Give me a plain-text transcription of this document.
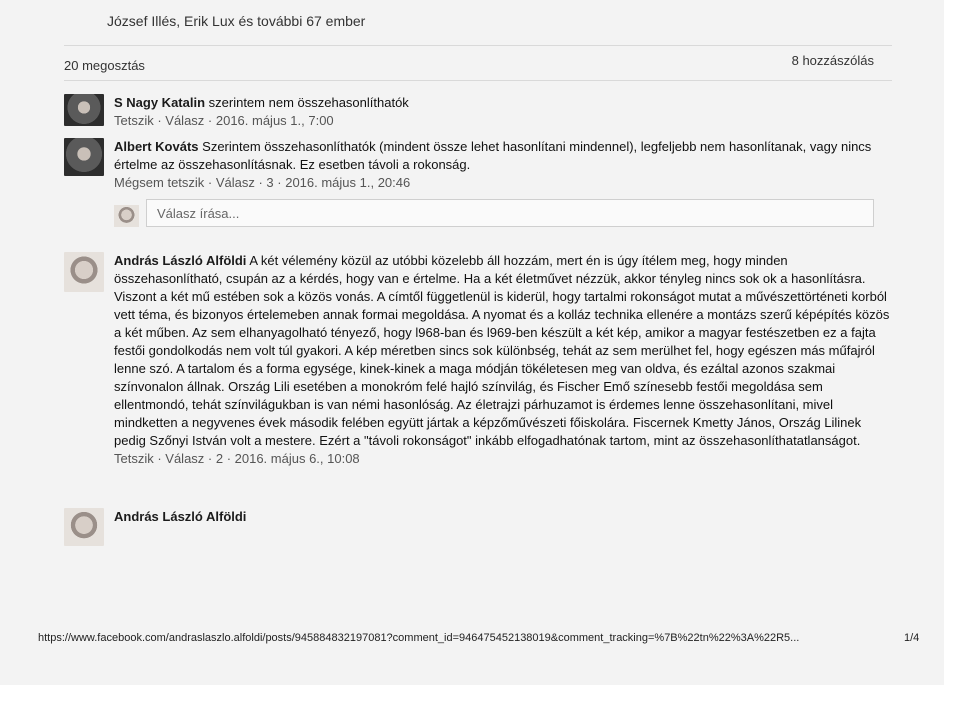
József Illés, Erik Lux és további 67 ember
20 megosztás	8 hozzászólás
S Nagy Katalin szerintem nem összehasonlíthatók
Tetszik · Válasz · 2016. május 1., 7:00
Albert Kováts Szerintem összehasonlíthatók (mindent össze lehet hasonlítani mindennel), legfeljebb nem hasonlítanak, vagy nincs értelme az összehasonlításnak. Ez esetben távoli a rokonság.
Mégsem tetszik · Válasz · 3 · 2016. május 1., 20:46
Válasz írása...
András László Alföldi A két vélemény közül az utóbbi közelebb áll hozzám, mert én is úgy ítélem meg, hogy minden összehasonlítható, csupán az a kérdés, hogy van e értelme. Ha a két életművet nézzük, akkor tényleg nincs sok ok a hasonlításra. Viszont a két mű estében sok a közös vonás. A címtől függetlenül is kiderül, hogy tartalmi rokonságot mutat a művészettörténeti korból vett téma, és bizonyos értelemeben annak formai megoldása. A nyomat és a kolláz technika ellenére a montázs szerű képépítés közös a két műben. Az sem elhanyagolható tényező, hogy l968-ban és l969-ben készült a két kép, amikor a magyar festészetben ez a fajta festői gondolkodás nem volt túl gyakori. A kép méretben sincs sok különbség, tehát az sem merülhet fel, hogy egészen más műfajról lenne szó. A tartalom és a forma egysége, kinek-kinek a maga módján tökéletesen meg van oldva, és ezáltal azonos szakmai színvonalon állnak. Ország Lili esetében a monokróm felé hajló színvilág, és Fischer Emő színesebb festői megoldása sem ellentmondó, tehát színvilágukban is van némi hasonlóság. Az életrajzi párhuzamot is érdemes lenne összehasonlítani, mivel mindketten a negyvenes évek második felében együtt jártak a képzőművészeti főiskolára. Fiscernek Kmetty János, Ország Lilinek pedig Szőnyi István volt a mestere. Ezért a "távoli rokonságot" inkább elfogadhatónak tartom, mint az összehasonlíthatatlanságot.
Tetszik · Válasz · 2 · 2016. május 6., 10:08
András László Alföldi
https://www.facebook.com/andraslaszlo.alfoldi/posts/945884832197081?comment_id=946475452138019&comment_tracking=%7B%22tn%22%3A%22R5...	1/4
